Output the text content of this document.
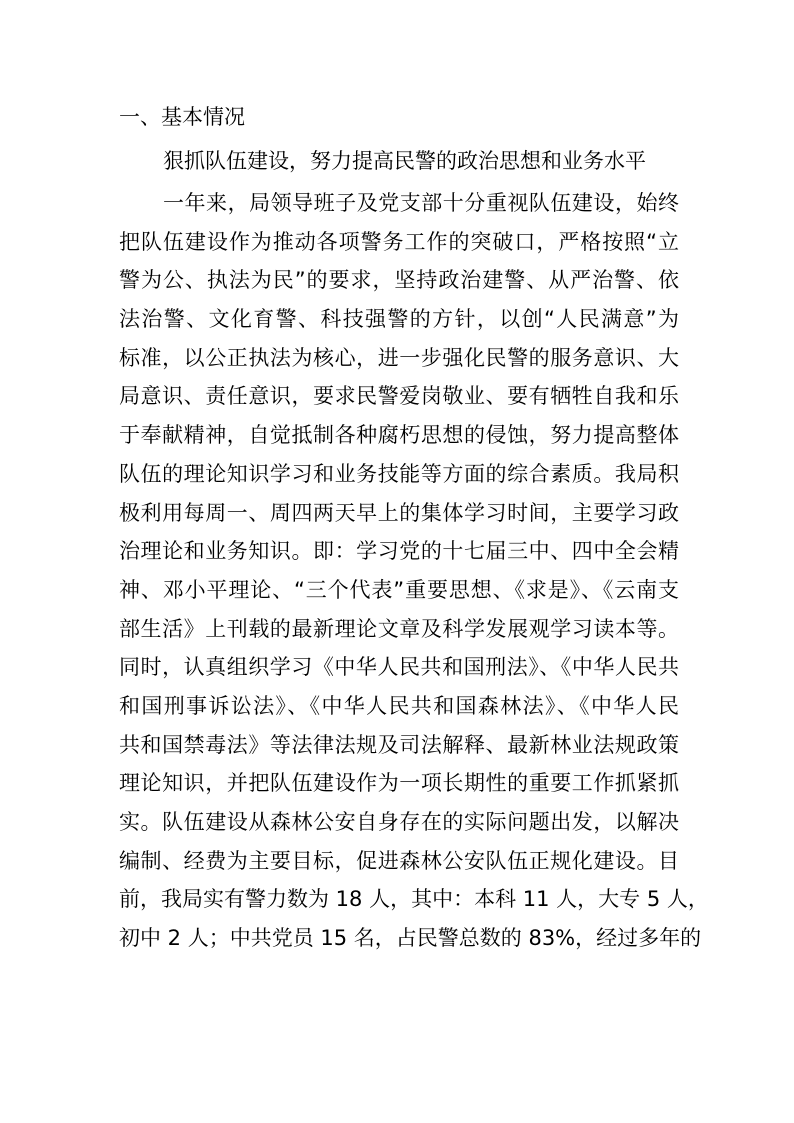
一、基本情况
狠抓队伍建设，努力提高民警的政治思想和业务水平
一年来，局领导班子及党支部十分重视队伍建设，始终
把队伍建设作为推动各项警务工作的突破口，严格按照“立
警为公、执法为民”的要求，坚持政治建警、从严治警、依
法治警、文化育警、科技强警的方针，以创“人民满意”为
标准，以公正执法为核心，进一步强化民警的服务意识、大
局意识、责任意识，要求民警爱岗敬业、要有牺牲自我和乐
于奉献精神，自觉抵制各种腐朽思想的侵蚀，努力提高整体
队伍的理论知识学习和业务技能等方面的综合素质。我局积
极利用每周一、周四两天早上的集体学习时间，主要学习政
治理论和业务知识。即：学习党的十七届三中、四中全会精
神、邓小平理论、“三个代表”重要思想、《求是》、《云南支
部生活》上刊载的最新理论文章及科学发展观学习读本等。
同时，认真组织学习《中华人民共和国刑法》、《中华人民共
和国刑事诉讼法》、《中华人民共和国森林法》、《中华人民
共和国禁毒法》等法律法规及司法解释、最新林业法规政策
理论知识，并把队伍建设作为一项长期性的重要工作抓紧抓
实。队伍建设从森林公安自身存在的实际问题出发，以解决
编制、经费为主要目标，促进森林公安队伍正规化建设。目
前，我局实有警力数为 18 人，其中：本科 11 人，大专 5 人，
初中 2 人；中共党员 15 名，占民警总数的 83%，经过多年的
